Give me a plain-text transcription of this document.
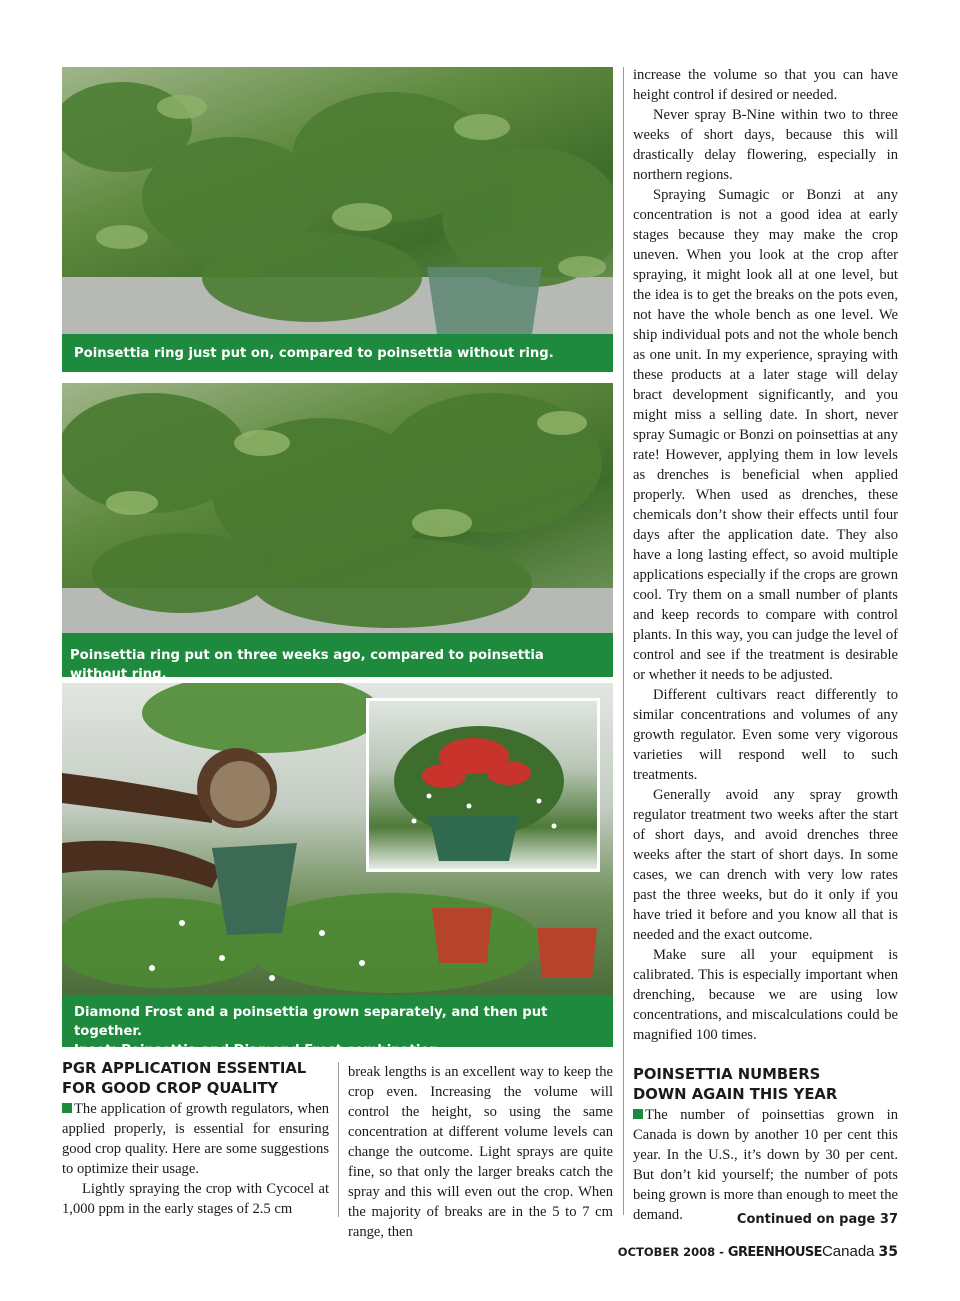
Poinsettia ring just put on, compared to poinsettia without ring.
Poinsettia ring put on three weeks ago, compared to poinsettia without ring.
Diamond Frost and a poinsettia grown separately, and then put together.
Inset: Poinsettia and Diamond Frost combination.
PGR APPLICATION ESSENTIAL
FOR GOOD CROP QUALITY

The application of growth regulators, when applied properly, is essential for ensuring good crop quality. Here are some suggestions to optimize their usage.

Lightly spraying the crop with Cycocel at 1,000 ppm in the early stages of 2.5 cm

break lengths is an excellent way to keep the crop even. Increasing the volume will control the height, so using the same concentration at different volume levels can change the outcome. Light sprays are quite fine, so that only the larger breaks catch the spray and this will even out the crop. When the majority of breaks are in the 5 to 7 cm range, then

increase the volume so that you can have height control if desired or needed.

Never spray B-Nine within two to three weeks of short days, because this will drastically delay flowering, especially in northern regions.

Spraying Sumagic or Bonzi at any concentration is not a good idea at early stages because they may make the crop uneven. When you look at the crop after spraying, it might look all at one level, but the idea is to get the breaks on the pots even, not have the whole bench as one level. We ship individual pots and not the whole bench as one unit. In my experience, spraying with these products at a later stage will delay bract development significantly, and you might miss a selling date. In short, never spray Sumagic or Bonzi on poinsettias at any rate! However, applying them in low levels as drenches is beneficial when applied properly. When used as drenches, these chemicals don’t show their effects until four days after the application date. They also have a long lasting effect, so avoid multiple applications especially if the crops are grown cool. Try them on a small number of plants and keep records to compare with control plants. In this way, you can judge the level of control and see if the treatment is desirable or whether it needs to be adjusted.

Different cultivars react differently to similar concentrations and volumes of any growth regulator. Even some very vigorous varieties will respond well to such treatments.

Generally avoid any spray growth regulator treatment two weeks after the start of short days, and avoid drenches three weeks after the start of short days. In some cases, we can drench with very low rates past the three weeks, but do it only if you have tried it before and you know all that is needed and the exact outcome.

Make sure all your equipment is calibrated. This is especially important when drenching, because we are using low concentrations, and miscalculations could be magnified 100 times.

POINSETTIA NUMBERS
DOWN AGAIN THIS YEAR

The number of poinsettias grown in Canada is down by another 10 per cent this year. In the U.S., it’s down by 30 per cent. But don’t kid yourself; the number of pots being grown is more than enough to meet the demand.	Continued on page 37
OCTOBER 2008 - GREENHOUSECanada 35
